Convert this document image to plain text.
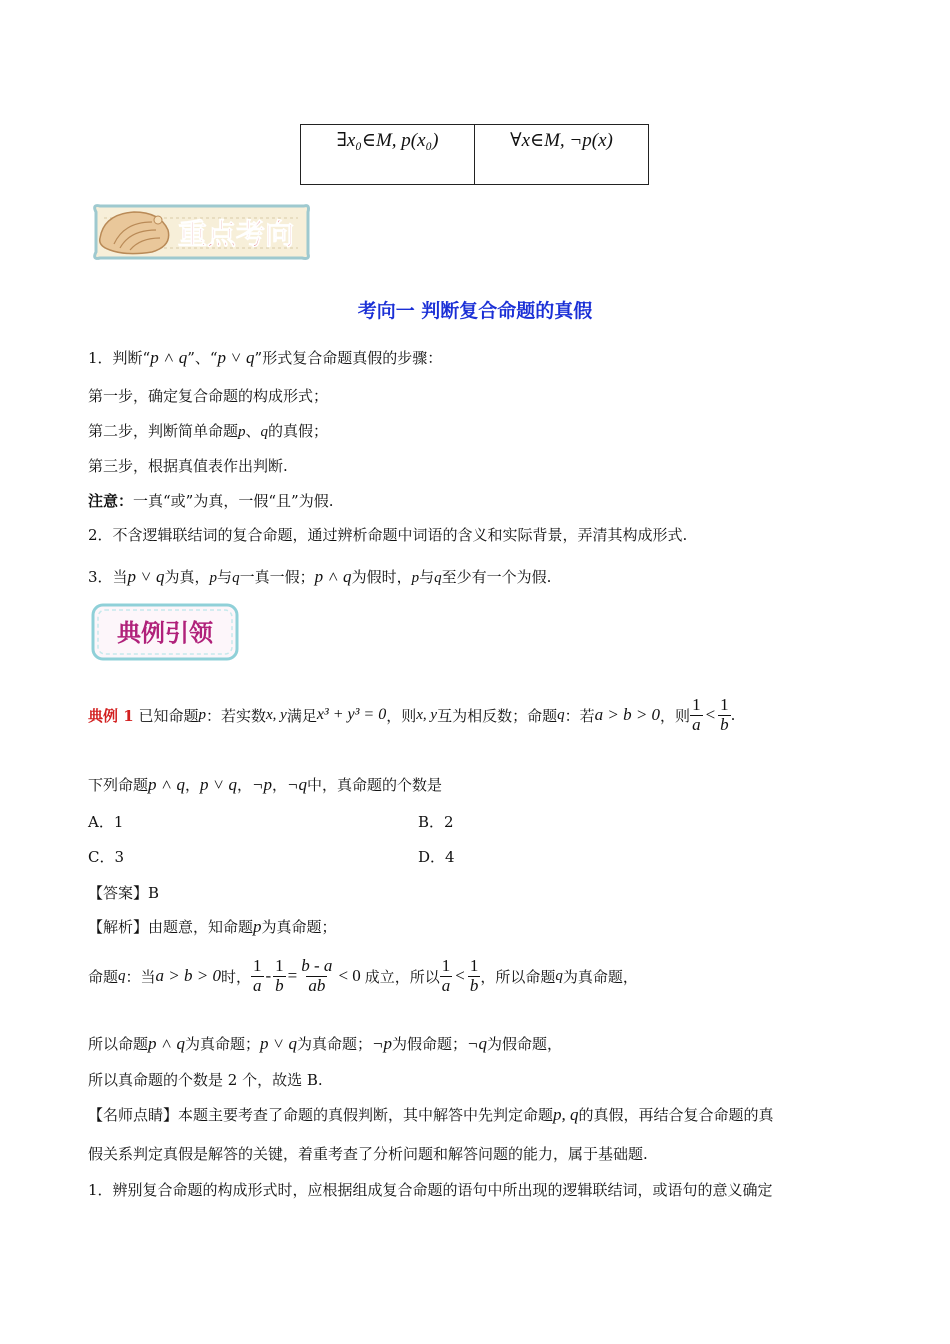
∃x₀∈M, p(x₀)	∀x∈M, ¬p(x)
重点考向
考向一 判断复合命题的真假
1．判断“p ˄ q”、“p ˅ q”形式复合命题真假的步骤：
第一步，确定复合命题的构成形式；
第二步，判断简单命题p、q的真假；
第三步，根据真值表作出判断.
注意：一真“或”为真，一假“且”为假.
2．不含逻辑联结词的复合命题，通过辨析命题中词语的含义和实际背景，弄清其构成形式.
3．当p ˅ q为真，p与q一真一假；p ˄ q为假时，p与q至少有一个为假.
典例引领
典例 1
已知命题 p ：若实数 x, y 满足 x³ + y³ = 0 ，则 x, y 互为相反数；命题 q ：若 a > b > 0 ，则 $\frac{1}{a} < \frac{1}{b}$ .
下列命题p ˄ q，p ˅ q，¬p，¬q中，真命题的个数是
A．1	B．2
C．3	D．4
【答案】B
【解析】由题意，知命题p为真命题；
命题 q ：当 a > b > 0 时， $\frac{1}{a} - \frac{1}{b} = \frac{b - a}{ab} < 0$ 成立，所以 $\frac{1}{a} < \frac{1}{b}$ ，所以命题 q 为真命题，
所以命题p ˄ q为真命题；p ˅ q为真命题；¬p为假命题；¬q为假命题，
所以真命题的个数是 2 个，故选 B.
【名师点睛】本题主要考查了命题的真假判断，其中解答中先判定命题p, q的真假，再结合复合命题的真
假关系判定真假是解答的关键，着重考查了分析问题和解答问题的能力，属于基础题.
1．辨别复合命题的构成形式时，应根据组成复合命题的语句中所出现的逻辑联结词，或语句的意义确定
